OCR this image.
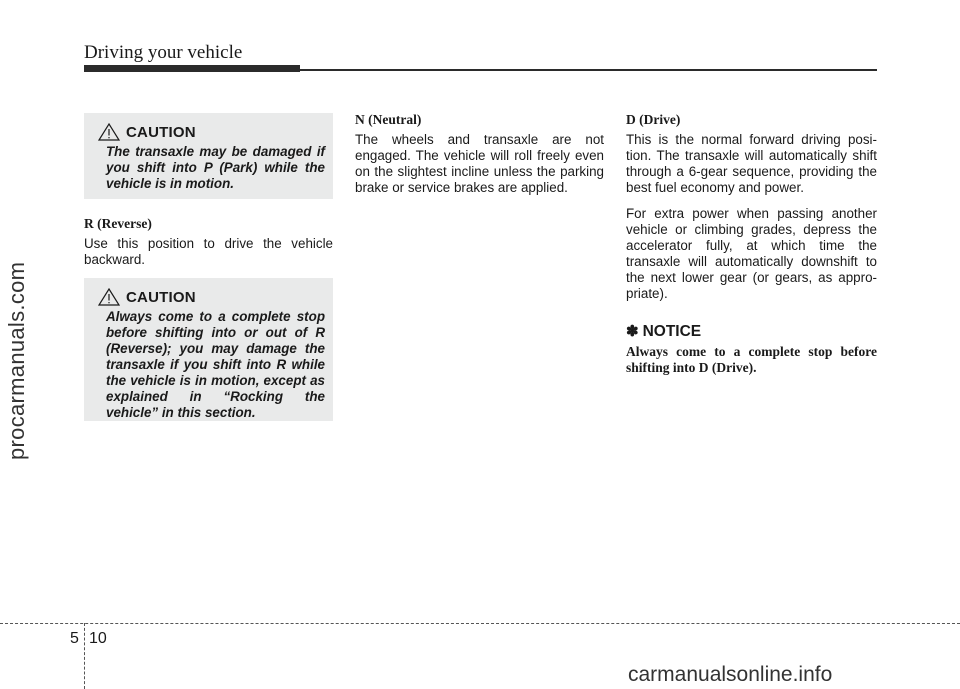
Driving your vehicle
procarmanuals.com
CAUTION
The transaxle may be damaged if you shift into P (Park) while the vehicle is in motion.
R (Reverse)

Use this position to drive the vehicle backward.

CAUTION
Always come to a complete stop before shifting into or out of R (Reverse); you may damage the transaxle if you shift into R while the vehicle is in motion, except as explained in “Rocking the vehicle” in this section.
N (Neutral)

The wheels and transaxle are not engaged. The vehicle will roll freely even on the slightest incline unless the parking brake or service brakes are applied.

D (Drive)

This is the normal forward driving posi-tion. The transaxle will automatically shift through a 6-gear sequence, providing the best fuel economy and power.

For extra power when passing another vehicle or climbing grades, depress the accelerator fully, at which time the transaxle will automatically downshift to the next lower gear (or gears, as appro-priate).

✽ NOTICE
Always come to a complete stop before shifting into D (Drive).
5 10
carmanualsonline.info
